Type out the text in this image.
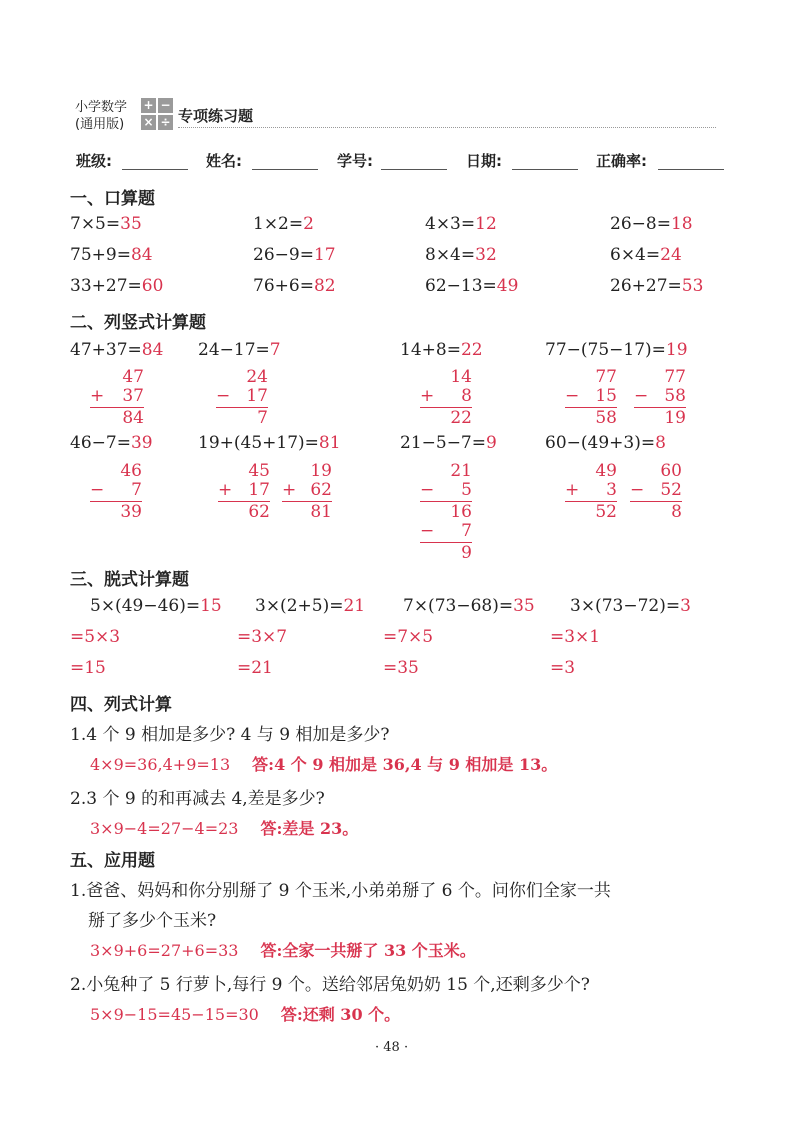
小学数学
(通用版)
+ −
× ÷ 专项练习题
班级:	姓名:	学号:	日期:	正确率:
一、口算题
7×5=35	1×2=2	4×3=12	26−8=18
75+9=84	26−9=17	8×4=32	6×4=24
33+27=60	76+6=82	62−13=49	26+27=53
二、列竖式计算题
47+37=84 24−17=7	14+8=22	77−(75−17)=19
47
+ 37
84
24
− 17
7
14
+ 8
22
77
− 15
58
77
− 58
19
46−7=39	19+(45+17)=81	21−5−7=9	60−(49+3)=8
46
− 7
39
45
+ 17
62
19
+ 62
81
21
− 5
16
− 7
9
49
+ 3
52
60
− 52
8
三、脱式计算题
5×(49−46)=15 3×(2+5)=21 7×(73−68)=35 3×(73−72)=3
=5×3	=3×7	=7×5	=3×1
=15	=21	=35	=3
四、列式计算
1.4 个 9 相加是多少? 4 与 9 相加是多少?
4×9=36,4+9=13 答:4 个 9 相加是 36,4 与 9 相加是 13。
2.3 个 9 的和再减去 4,差是多少?
3×9−4=27−4=23 答:差是 23。
五、应用题
1.爸爸、妈妈和你分别掰了 9 个玉米,小弟弟掰了 6 个。问你们全家一共
掰了多少个玉米?
3×9+6=27+6=33 答:全家一共掰了 33 个玉米。
2.小兔种了 5 行萝卜,每行 9 个。送给邻居兔奶奶 15 个,还剩多少个?
5×9−15=45−15=30 答:还剩 30 个。
· 48 ·
